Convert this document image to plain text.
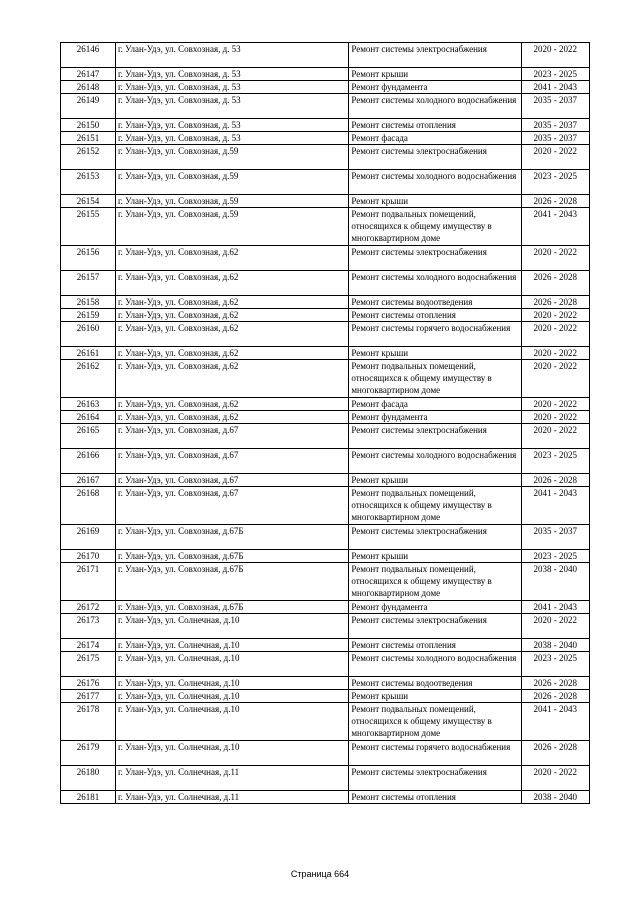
26146	г. Улан-Удэ, ул. Совхозная, д. 53	Ремонт системы электроснабжения	2020 - 2022
26147	г. Улан-Удэ, ул. Совхозная, д. 53	Ремонт крыши	2023 - 2025
26148	г. Улан-Удэ, ул. Совхозная, д. 53	Ремонт фундамента	2041 - 2043
26149	г. Улан-Удэ, ул. Совхозная, д. 53	Ремонт системы холодного водоснабжения	2035 - 2037
26150	г. Улан-Удэ, ул. Совхозная, д. 53	Ремонт системы отопления	2035 - 2037
26151	г. Улан-Удэ, ул. Совхозная, д. 53	Ремонт фасада	2035 - 2037
26152	г. Улан-Удэ, ул. Совхозная, д.59	Ремонт системы электроснабжения	2020 - 2022
26153	г. Улан-Удэ, ул. Совхозная, д.59	Ремонт системы холодного водоснабжения	2023 - 2025
26154	г. Улан-Удэ, ул. Совхозная, д.59	Ремонт крыши	2026 - 2028
26155	г. Улан-Удэ, ул. Совхозная, д.59	Ремонт подвальных помещений, относящихся к общему имуществу в многоквартирном доме	2041 - 2043
26156	г. Улан-Удэ, ул. Совхозная, д.62	Ремонт системы электроснабжения	2020 - 2022
26157	г. Улан-Удэ, ул. Совхозная, д.62	Ремонт системы холодного водоснабжения	2026 - 2028
26158	г. Улан-Удэ, ул. Совхозная, д.62	Ремонт системы водоотведения	2026 - 2028
26159	г. Улан-Удэ, ул. Совхозная, д.62	Ремонт системы отопления	2020 - 2022
26160	г. Улан-Удэ, ул. Совхозная, д.62	Ремонт системы горячего водоснабжения	2020 - 2022
26161	г. Улан-Удэ, ул. Совхозная, д.62	Ремонт крыши	2020 - 2022
26162	г. Улан-Удэ, ул. Совхозная, д.62	Ремонт подвальных помещений, относящихся к общему имуществу в многоквартирном доме	2020 - 2022
26163	г. Улан-Удэ, ул. Совхозная, д.62	Ремонт фасада	2020 - 2022
26164	г. Улан-Удэ, ул. Совхозная, д.62	Ремонт фундамента	2020 - 2022
26165	г. Улан-Удэ, ул. Совхозная, д.67	Ремонт системы электроснабжения	2020 - 2022
26166	г. Улан-Удэ, ул. Совхозная, д.67	Ремонт системы холодного водоснабжения	2023 - 2025
26167	г. Улан-Удэ, ул. Совхозная, д.67	Ремонт крыши	2026 - 2028
26168	г. Улан-Удэ, ул. Совхозная, д.67	Ремонт подвальных помещений, относящихся к общему имуществу в многоквартирном доме	2041 - 2043
26169	г. Улан-Удэ, ул. Совхозная, д.67Б	Ремонт системы электроснабжения	2035 - 2037
26170	г. Улан-Удэ, ул. Совхозная, д.67Б	Ремонт крыши	2023 - 2025
26171	г. Улан-Удэ, ул. Совхозная, д.67Б	Ремонт подвальных помещений, относящихся к общему имуществу в многоквартирном доме	2038 - 2040
26172	г. Улан-Удэ, ул. Совхозная, д.67Б	Ремонт фундамента	2041 - 2043
26173	г. Улан-Удэ, ул. Солнечная, д.10	Ремонт системы электроснабжения	2020 - 2022
26174	г. Улан-Удэ, ул. Солнечная, д.10	Ремонт системы отопления	2038 - 2040
26175	г. Улан-Удэ, ул. Солнечная, д.10	Ремонт системы холодного водоснабжения	2023 - 2025
26176	г. Улан-Удэ, ул. Солнечная, д.10	Ремонт системы водоотведения	2026 - 2028
26177	г. Улан-Удэ, ул. Солнечная, д.10	Ремонт крыши	2026 - 2028
26178	г. Улан-Удэ, ул. Солнечная, д.10	Ремонт подвальных помещений, относящихся к общему имуществу в многоквартирном доме	2041 - 2043
26179	г. Улан-Удэ, ул. Солнечная, д.10	Ремонт системы горячего водоснабжения	2026 - 2028
26180	г. Улан-Удэ, ул. Солнечная, д.11	Ремонт системы электроснабжения	2020 - 2022
26181	г. Улан-Удэ, ул. Солнечная, д.11	Ремонт системы отопления	2038 - 2040
Страница 664
